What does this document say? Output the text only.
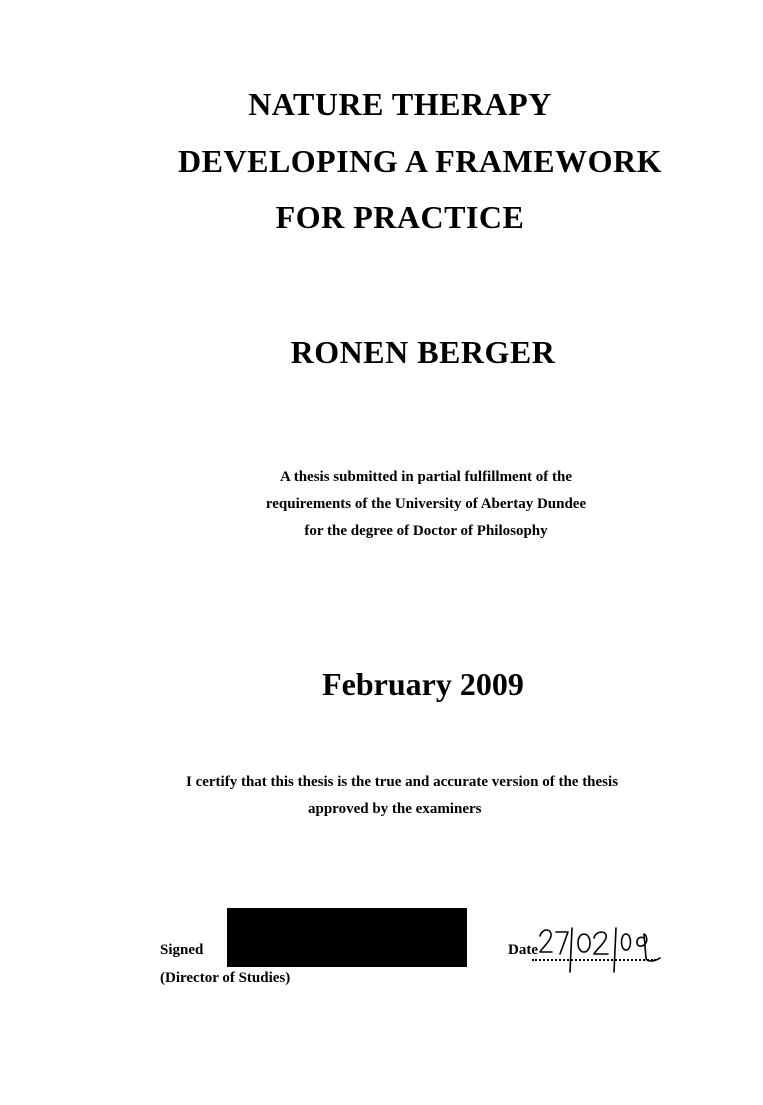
NATURE THERAPY
DEVELOPING A FRAMEWORK
FOR PRACTICE
RONEN BERGER
A thesis submitted in partial fulfillment of the
requirements of the University of Abertay Dundee
for the degree of Doctor of Philosophy
February 2009
I certify that this thesis is the true and accurate version of the thesis
approved by the examiners
Signed
(Director of Studies)
Date
